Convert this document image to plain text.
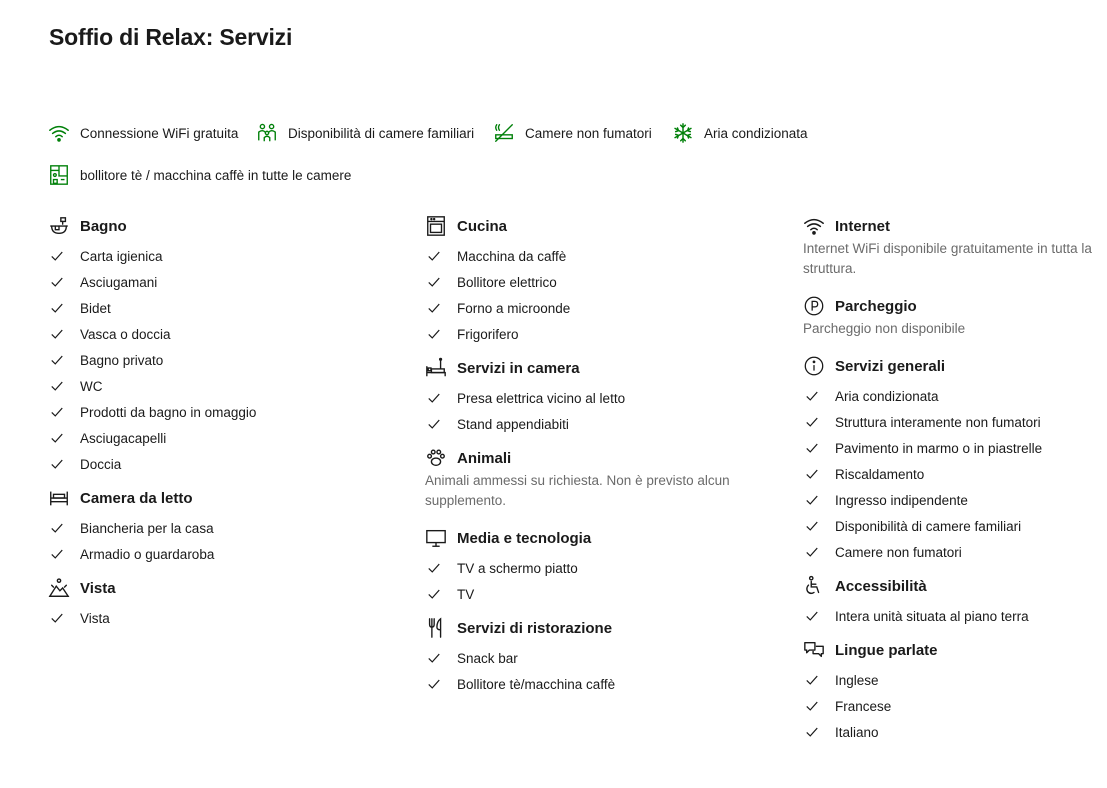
Soffio di Relax: Servizi
Connessione WiFi gratuita	Disponibilità di camere familiari	Camere non fumatori	Aria condizionata
bollitore tè / macchina caffè in tutte le camere
Bagno
Carta igienica
Asciugamani
Bidet
Vasca o doccia
Bagno privato
WC
Prodotti da bagno in omaggio
Asciugacapelli
Doccia
Camera da letto
Biancheria per la casa
Armadio o guardaroba
Vista
Vista
Cucina
Macchina da caffè
Bollitore elettrico
Forno a microonde
Frigorifero
Servizi in camera
Presa elettrica vicino al letto
Stand appendiabiti
Animali

Animali ammessi su richiesta. Non è previsto alcun supplemento.

Media e tecnologia
TV a schermo piatto
TV
Servizi di ristorazione
Snack bar
Bollitore tè/macchina caffè
Internet

Internet WiFi disponibile gratuitamente in tutta la struttura.

Parcheggio

Parcheggio non disponibile

Servizi generali
Aria condizionata
Struttura interamente non fumatori
Pavimento in marmo o in piastrelle
Riscaldamento
Ingresso indipendente
Disponibilità di camere familiari
Camere non fumatori
Accessibilità
Intera unità situata al piano terra
Lingue parlate
Inglese
Francese
Italiano
